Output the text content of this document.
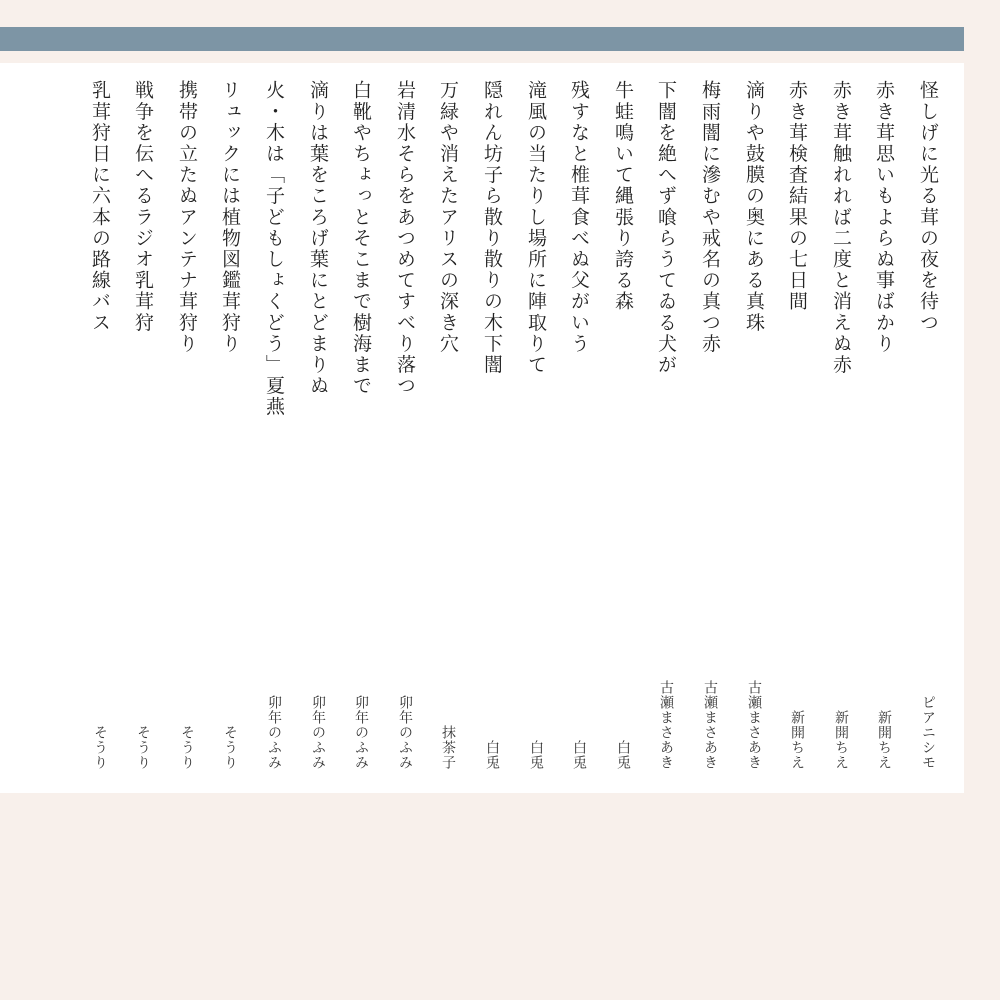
怪しげに光る茸の夜を待つ
ピアニシモ
赤き茸思いもよらぬ事ばかり
新開ちえ
赤き茸触れれば二度と消えぬ赤
新開ちえ
赤き茸検査結果の七日間
新開ちえ
滴りや鼓膜の奥にある真珠
古瀬まさあき
梅雨闇に滲むや戒名の真つ赤
古瀬まさあき
下闇を絶へず喰らうてゐる犬が
古瀬まさあき
牛蛙鳴いて縄張り誇る森
白兎
残すなと椎茸食べぬ父がいう
白兎
滝風の当たりし場所に陣取りて
白兎
隠れん坊子ら散り散りの木下闇
白兎
万緑や消えたアリスの深き穴
抹茶子
岩清水そらをあつめてすべり落つ
卯年のふみ
白靴やちょっとそこまで樹海まで
卯年のふみ
滴りは葉をころげ葉にとどまりぬ
卯年のふみ
火・木は「子どもしょくどう」夏燕
卯年のふみ
リュックには植物図鑑茸狩り
そうり
携帯の立たぬアンテナ茸狩り
そうり
戦争を伝へるラジオ乳茸狩
そうり
乳茸狩日に六本の路線バス
そうり
